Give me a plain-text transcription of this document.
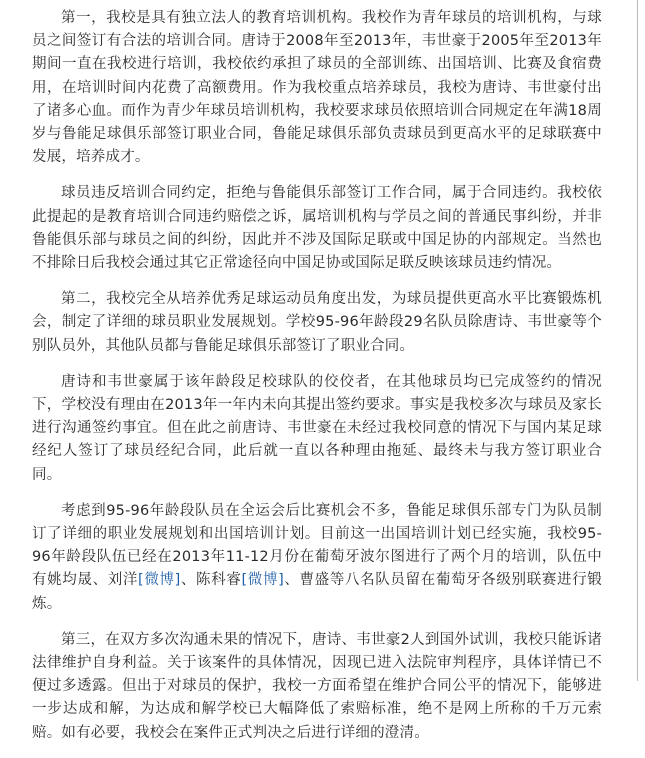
第一，我校是具有独立法人的教育培训机构。我校作为青年球员的培训机构，与球员之间签订有合法的培训合同。唐诗于2008年至2013年，韦世豪于2005年至2013年期间一直在我校进行培训，我校依约承担了球员的全部训练、出国培训、比赛及食宿费用，在培训时间内花费了高额费用。作为我校重点培养球员，我校为唐诗、韦世豪付出了诸多心血。而作为青少年球员培训机构，我校要求球员依照培训合同规定在年满18周岁与鲁能足球俱乐部签订职业合同，鲁能足球俱乐部负责球员到更高水平的足球联赛中发展，培养成才。

球员违反培训合同约定，拒绝与鲁能俱乐部签订工作合同，属于合同违约。我校依此提起的是教育培训合同违约赔偿之诉，属培训机构与学员之间的普通民事纠纷，并非鲁能俱乐部与球员之间的纠纷，因此并不涉及国际足联或中国足协的内部规定。当然也不排除日后我校会通过其它正常途径向中国足协或国际足联反映该球员违约情况。

第二，我校完全从培养优秀足球运动员角度出发，为球员提供更高水平比赛锻炼机会，制定了详细的球员职业发展规划。学校95-96年龄段29名队员除唐诗、韦世豪等个别队员外，其他队员都与鲁能足球俱乐部签订了职业合同。

唐诗和韦世豪属于该年龄段足校球队的佼佼者，在其他球员均已完成签约的情况下，学校没有理由在2013年一年内未向其提出签约要求。事实是我校多次与球员及家长进行沟通签约事宜。但在此之前唐诗、韦世豪在未经过我校同意的情况下与国内某足球经纪人签订了球员经纪合同，此后就一直以各种理由拖延、最终未与我方签订职业合同。

考虑到95-96年龄段队员在全运会后比赛机会不多，鲁能足球俱乐部专门为队员制订了详细的职业发展规划和出国培训计划。目前这一出国培训计划已经实施，我校95-96年龄段队伍已经在2013年11-12月份在葡萄牙波尔图进行了两个月的培训，队伍中有姚均晟、刘洋[微博]、陈科睿[微博]、曹盛等八名队员留在葡萄牙各级别联赛进行锻炼。

第三，在双方多次沟通未果的情况下，唐诗、韦世豪2人到国外试训，我校只能诉诸法律维护自身利益。关于该案件的具体情况，因现已进入法院审判程序，具体详情已不便过多透露。但出于对球员的保护，我校一方面希望在维护合同公平的情况下，能够进一步达成和解，为达成和解学校已大幅降低了索赔标准，绝不是网上所称的千万元索赔。如有必要，我校会在案件正式判决之后进行详细的澄清。
